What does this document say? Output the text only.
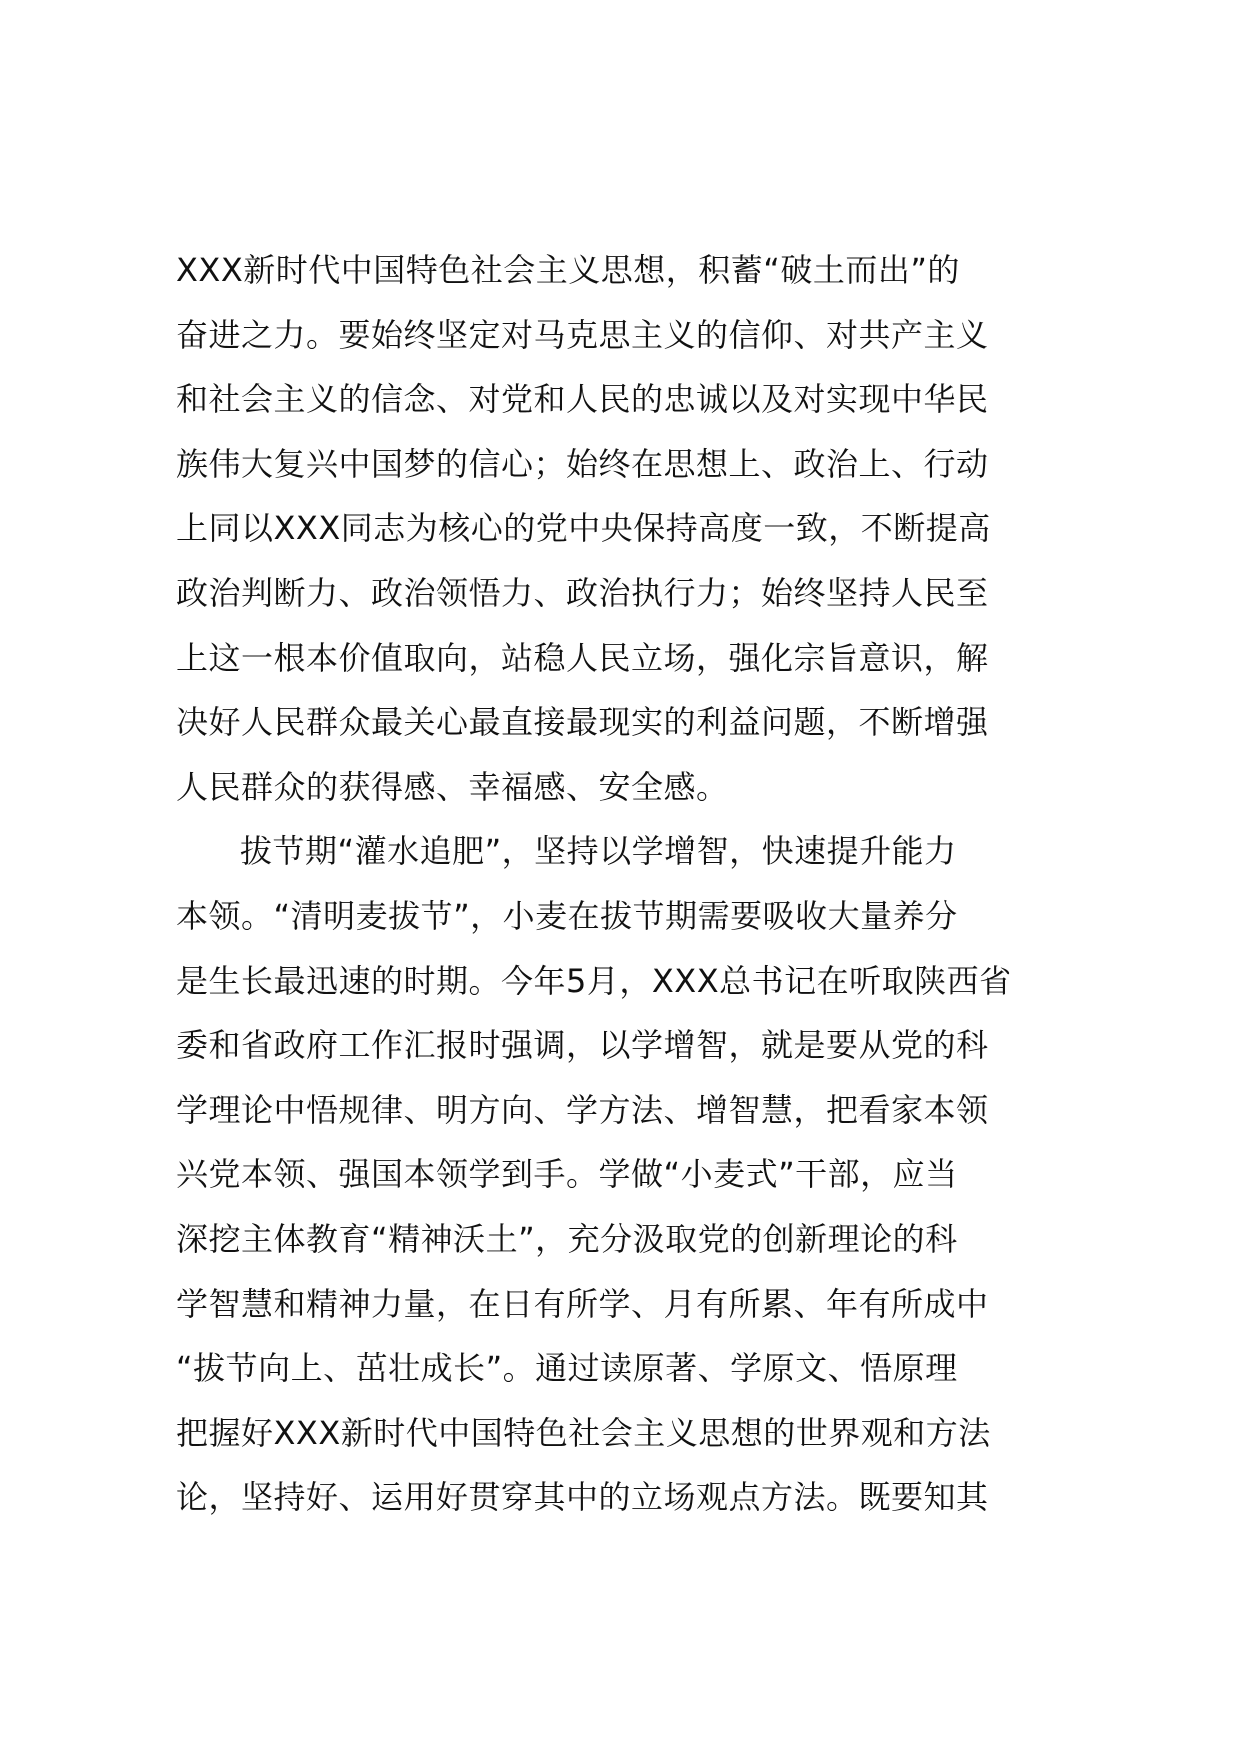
XXX新时代中国特色社会主义思想，积蓄“破土而出”的
奋进之力。要始终坚定对马克思主义的信仰、对共产主义
和社会主义的信念、对党和人民的忠诚以及对实现中华民
族伟大复兴中国梦的信心；始终在思想上、政治上、行动
上同以XXX同志为核心的党中央保持高度一致，不断提高
政治判断力、政治领悟力、政治执行力；始终坚持人民至
上这一根本价值取向，站稳人民立场，强化宗旨意识，解
决好人民群众最关心最直接最现实的利益问题，不断增强
人民群众的获得感、幸福感、安全感。
拔节期“灌水追肥”，坚持以学增智，快速提升能力
本领。“清明麦拔节”，小麦在拔节期需要吸收大量养分
是生长最迅速的时期。今年5月，XXX总书记在听取陕西省
委和省政府工作汇报时强调，以学增智，就是要从党的科
学理论中悟规律、明方向、学方法、增智慧，把看家本领
兴党本领、强国本领学到手。学做“小麦式”干部，应当
深挖主体教育“精神沃土”，充分汲取党的创新理论的科
学智慧和精神力量，在日有所学、月有所累、年有所成中
“拔节向上、茁壮成长”。通过读原著、学原文、悟原理
把握好XXX新时代中国特色社会主义思想的世界观和方法
论，坚持好、运用好贯穿其中的立场观点方法。既要知其
